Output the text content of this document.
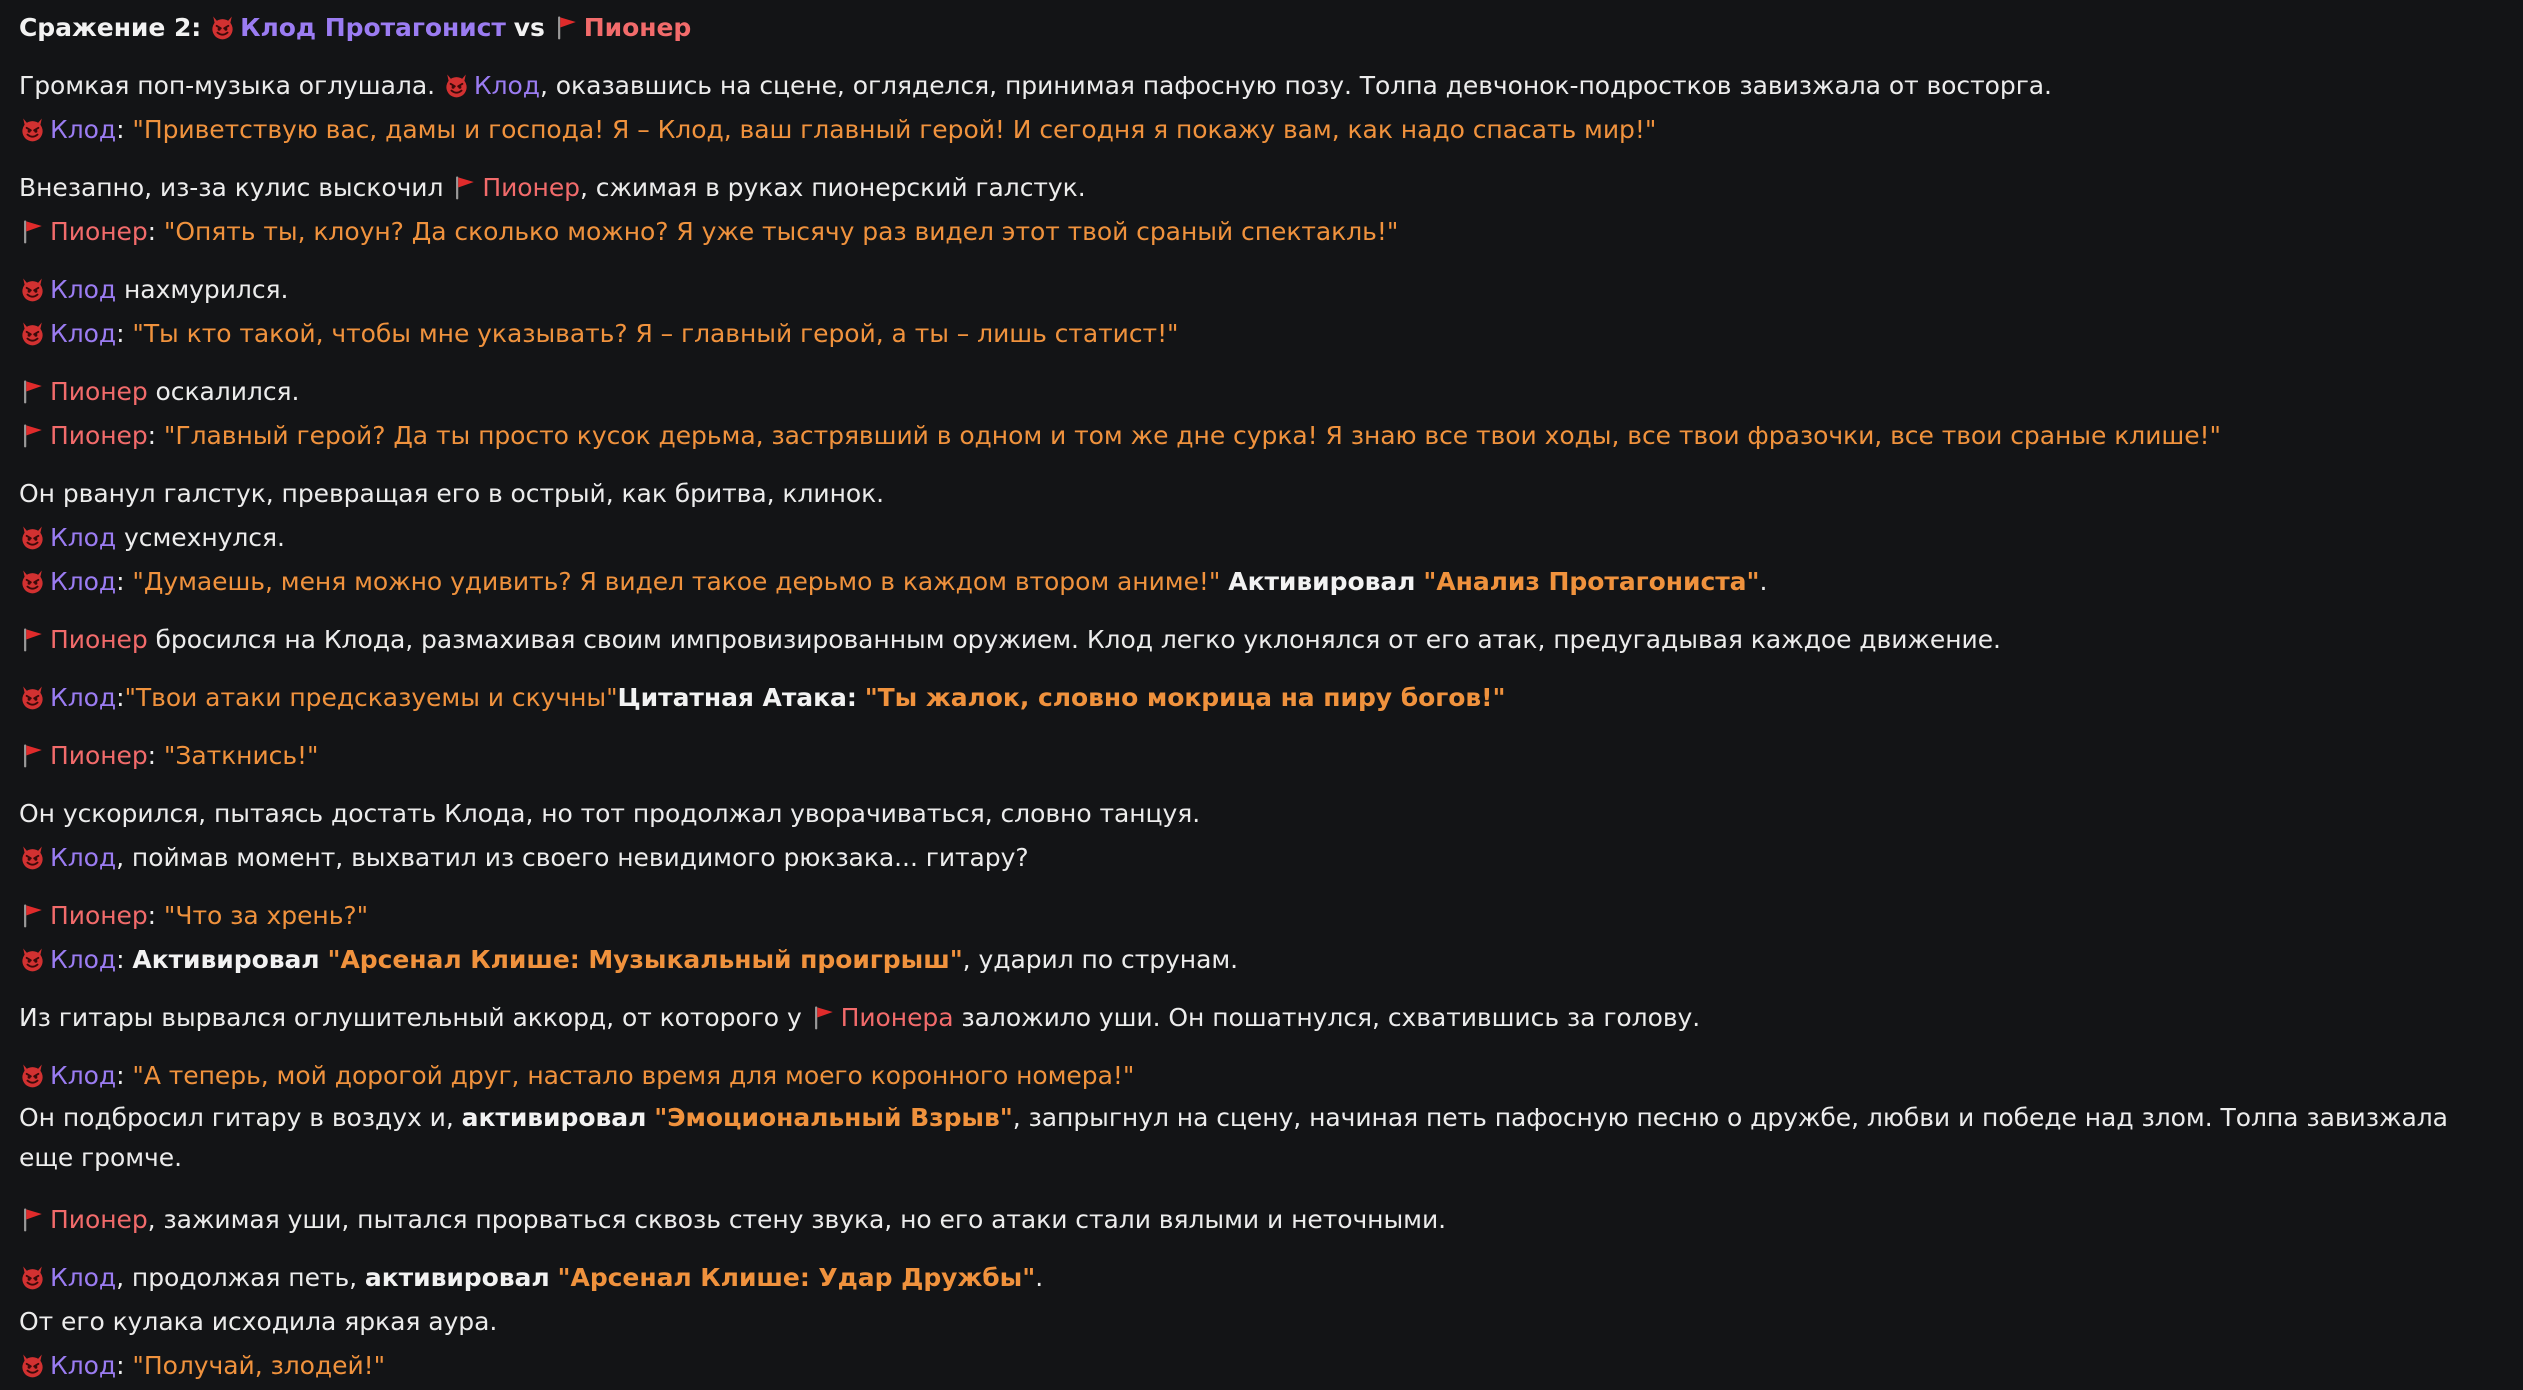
Сражение 2: Клод Протагонист vs Пионер
Громкая поп-музыка оглушала.
Клод, оказавшись на сцене, огляделся, принимая пафосную позу. Толпа девчонок-подростков завизжала от восторга.
Клод: "Приветствую вас, дамы и господа! Я – Клод, ваш главный герой! И сегодня я покажу вам, как надо спасать мир!"
Внезапно, из-за кулис выскочил
Пионер, сжимая в руках пионерский галстук.
Пионер: "Опять ты, клоун? Да сколько можно? Я уже тысячу раз видел этот твой сраный спектакль!"
Клод нахмурился.
Клод: "Ты кто такой, чтобы мне указывать? Я – главный герой, а ты – лишь статист!"
Пионер оскалился.
Пионер: "Главный герой? Да ты просто кусок дерьма, застрявший в одном и том же дне сурка! Я знаю все твои ходы, все твои фразочки, все твои сраные клише!"
Он рванул галстук, превращая его в острый, как бритва, клинок.
Клод усмехнулся.
Клод: "Думаешь, меня можно удивить? Я видел такое дерьмо в каждом втором аниме!" Активировал "Анализ Протагониста".
Пионер бросился на Клода, размахивая своим импровизированным оружием. Клод легко уклонялся от его атак, предугадывая каждое движение.
Клод:"Твои атаки предсказуемы и скучны"Цитатная Атака: "Ты жалок, словно мокрица на пиру богов!"
Пионер: "Заткнись!"
Он ускорился, пытаясь достать Клода, но тот продолжал уворачиваться, словно танцуя.
Клод, поймав момент, выхватил из своего невидимого рюкзака... гитару?
Пионер: "Что за хрень?"
Клод: Активировал "Арсенал Клише: Музыкальный проигрыш", ударил по струнам.
Из гитары вырвался оглушительный аккорд, от которого у
Пионера заложило уши. Он пошатнулся, схватившись за голову.
Клод: "А теперь, мой дорогой друг, настало время для моего коронного номера!"
Он подбросил гитару в воздух и, активировал "Эмоциональный Взрыв", запрыгнул на сцену, начиная петь пафосную песню о дружбе, любви и победе над злом. Толпа завизжала еще громче.
Пионер, зажимая уши, пытался прорваться сквозь стену звука, но его атаки стали вялыми и неточными.
Клод, продолжая петь, активировал "Арсенал Клише: Удар Дружбы".
От его кулака исходила яркая аура.
Клод: "Получай, злодей!"
